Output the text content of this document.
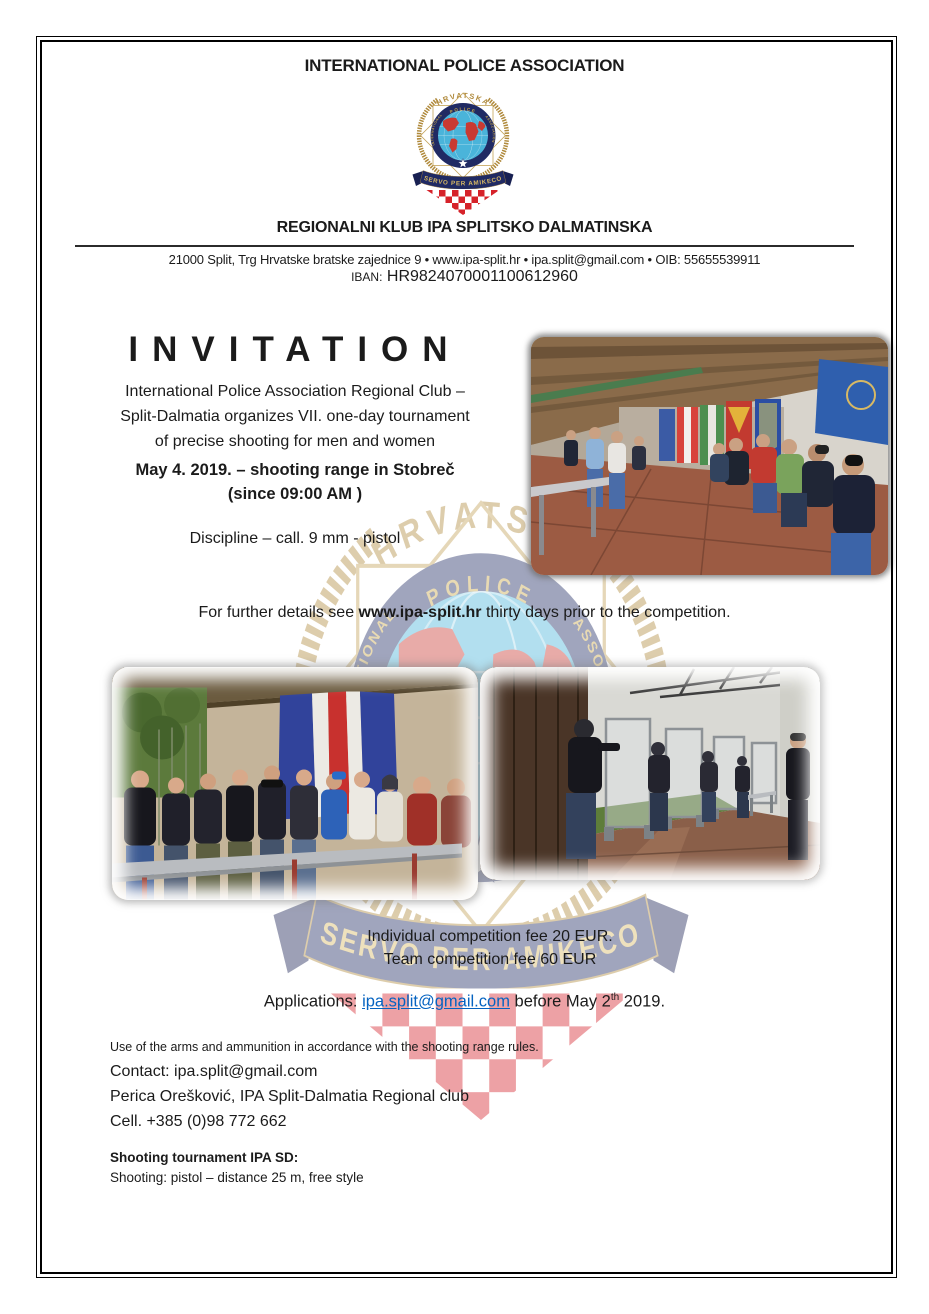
INTERNATIONAL POLICE ASSOCIATION
REGIONALNI KLUB IPA SPLITSKO DALMATINSKA
21000 Split, Trg Hrvatske bratske zajednice 9 • www.ipa-split.hr • ipa.split@gmail.com • OIB: 55655539911
IBAN: HR9824070001100612960
INVITATION
International Police Association Regional Club –
Split-Dalmatia organizes VII. one-day tournament
of precise shooting for men and women
May 4. 2019. – shooting range in Stobreč
(since 09:00 AM )
Discipline – call. 9 mm - pistol
For further details see www.ipa-split.hr thirty days prior to the competition.
Individual competition fee 20 EUR.
Team competition fee 60 EUR
Applications: ipa.split@gmail.com before May 2th 2019.
Use of the arms and ammunition in accordance with the shooting range rules.
Contact: ipa.split@gmail.com
Perica Orešković, IPA Split-Dalmatia Regional club
Cell. +385 (0)98 772 662
Shooting tournament IPA SD:
Shooting: pistol – distance 25 m, free style
